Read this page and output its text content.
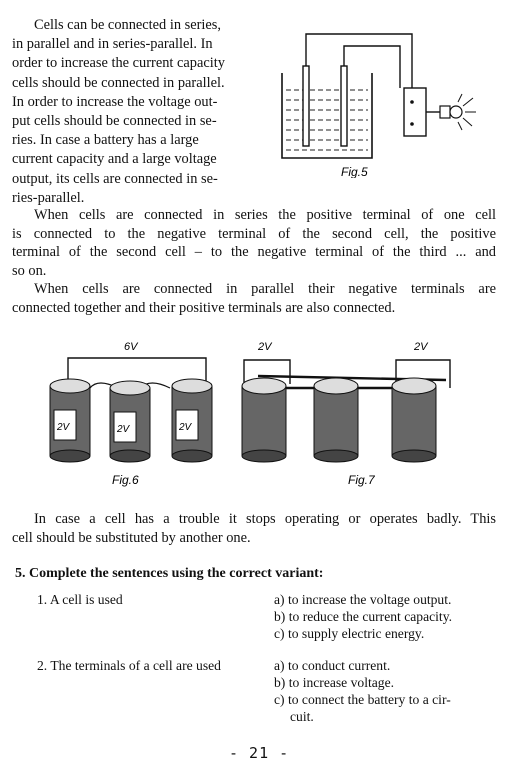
Cells can be connected in series,
in parallel and in series-parallel. In
order to increase the current capacity
cells should be connected in parallel.
In order to increase the voltage out-
put cells should be connected in se-
ries. In case a battery has a large
current capacity and a large voltage
output, its cells are connected in se-
ries-parallel.
Fig.5
When cells are connected in series the positive terminal of one cell
is connected to the negative terminal of the second cell, the positive
terminal of the second cell – to the negative terminal of the third ... and
so on.
When cells are connected in parallel their negative terminals are
connected together and their positive terminals are also connected.
6V
2V	2V	2V
Fig.6
2V	2V
Fig.7
In case a cell has a trouble it stops operating or operates badly. This
cell should be substituted by another one.
5. Complete the sentences using the correct variant:
1. A cell is used	a) to increase the voltage output.
b) to reduce the current capacity.
c) to supply electric energy.
2. The terminals of a cell are used	a) to conduct current.
b) to increase voltage.
c) to connect the battery to a cir-
cuit.
- 21 -
